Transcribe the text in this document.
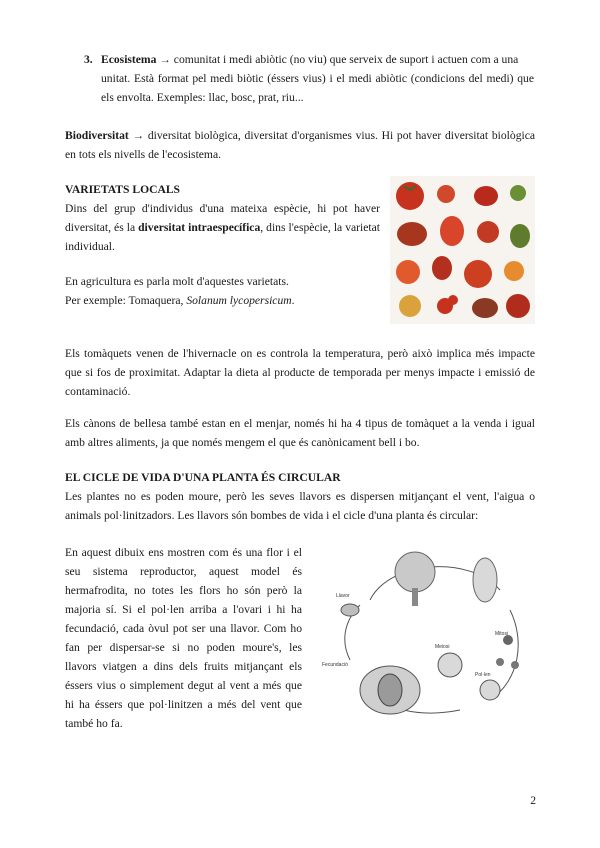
3. Ecosistema → comunitat i medi abiòtic (no viu) que serveix de suport i actuen com a una
unitat. Està format pel medi biòtic (éssers vius) i el medi abiòtic (condicions del medi) que els envolta. Exemples: llac, bosc, prat, riu...

Biodiversitat → diversitat biològica, diversitat d'organismes vius. Hi pot haver diversitat biològica en tots els nivells de l'ecosistema.

VARIETATS LOCALS

Dins del grup d'individus d'una mateixa espècie, hi pot haver diversitat, és la diversitat intraespecífica, dins l'espècie, la varietat individual.

En agricultura es parla molt d'aquestes varietats.

Per exemple: Tomaquera, Solanum lycopersicum.

Els tomàquets venen de l'hivernacle on es controla la temperatura, però això implica més impacte que si fos de proximitat. Adaptar la dieta al producte de temporada per menys impacte i emissió de contaminació.

Els cànons de bellesa també estan en el menjar, només hi ha 4 tipus de tomàquet a la venda i igual amb altres aliments, ja que només mengem el que és canònicament bell i bo.

EL CICLE DE VIDA D'UNA PLANTA ÉS CIRCULAR

Les plantes no es poden moure, però les seves llavors es dispersen mitjançant el vent, l'aigua o animals pol·linitzadors. Les llavors són bombes de vida i el cicle d'una planta és circular:

En aquest dibuix ens mostren com és una flor i el seu sistema reproductor, aquest model és hermafrodita, no totes les flors ho són però la majoria sí. Si el pol·len arriba a l'ovari i hi ha fecundació, cada òvul pot ser una llavor. Com ho fan per dispersar-se si no poden moure's, les llavors viatgen a dins dels fruits mitjançant els éssers vius o simplement degut al vent a més que hi ha éssers que pol·linitzen a més del vent que també ho fa.

Llavor
Mitosi
Meiosi
Pol·len
Fecundació
2
